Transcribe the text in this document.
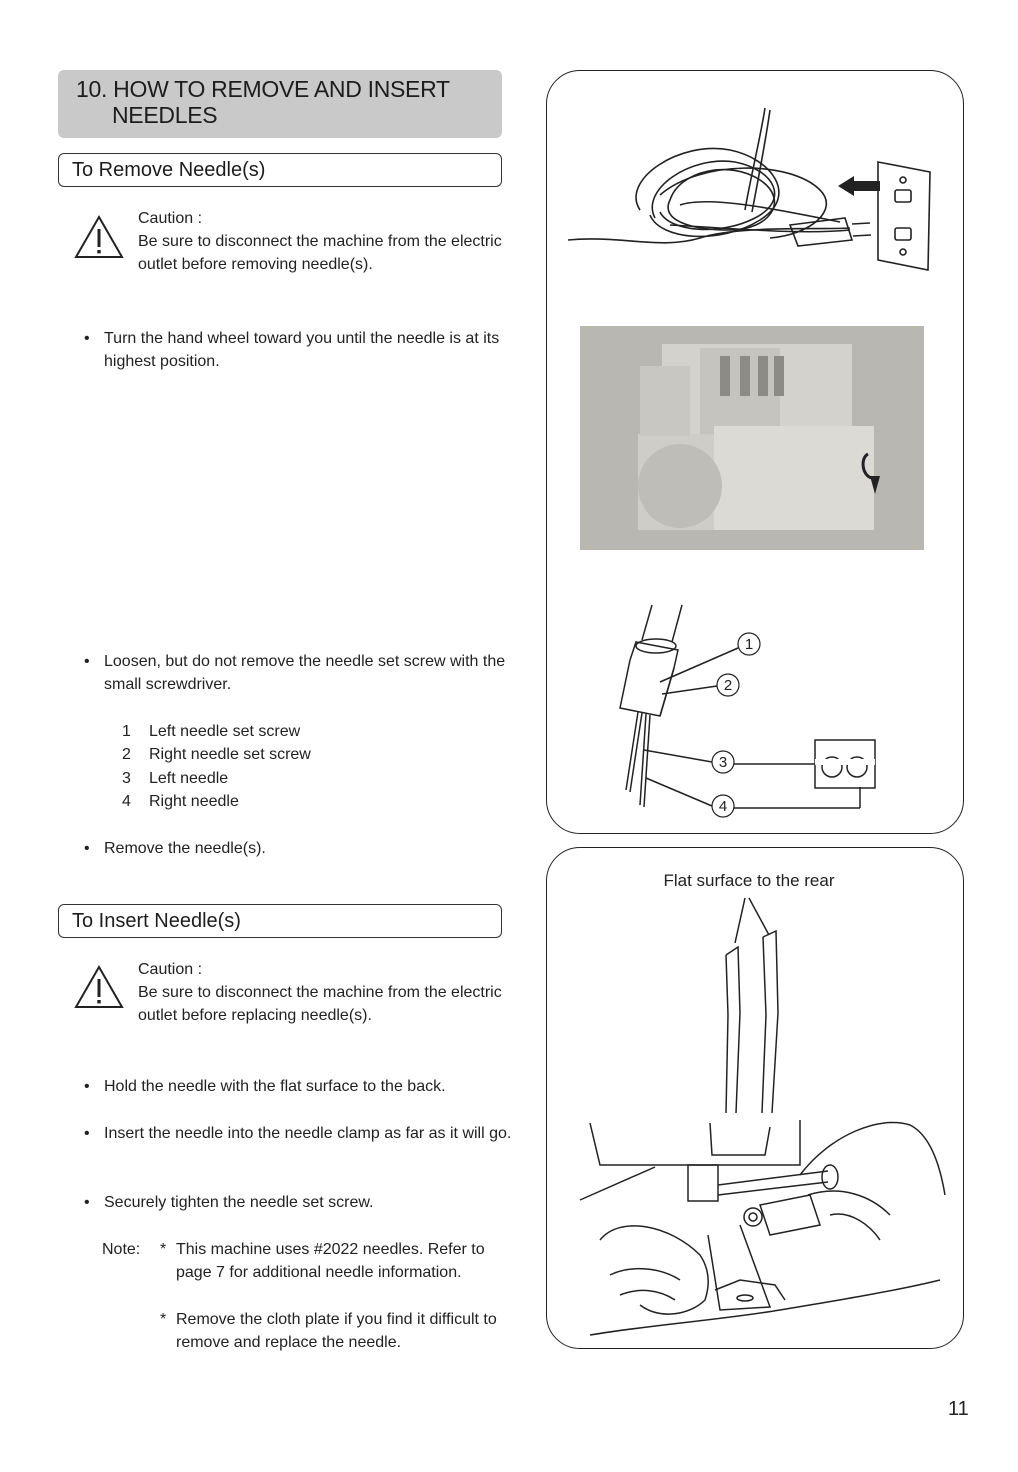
10. HOW TO REMOVE AND INSERT
NEEDLES
To Remove Needle(s)
Caution :
Be sure to disconnect the machine from the electric outlet before removing needle(s).
• Turn the hand wheel toward you until the needle is at its highest position.
• Loosen, but do not remove the needle set screw with the small screwdriver.
1	Left needle set screw
2	Right needle set screw
3	Left needle
4	Right needle
• Remove the needle(s).
To Insert Needle(s)
Caution :
Be sure to disconnect the machine from the electric outlet before replacing needle(s).
• Hold the needle with the flat surface to the back.
• Insert the needle into the needle clamp as far as it will go.
• Securely tighten the needle set screw.
Note: * This machine uses #2022 needles. Refer to page 7 for additional needle information.
* Remove the cloth plate if you find it difficult to remove and replace the needle.
1
2
3
4
Flat surface to the rear
11
